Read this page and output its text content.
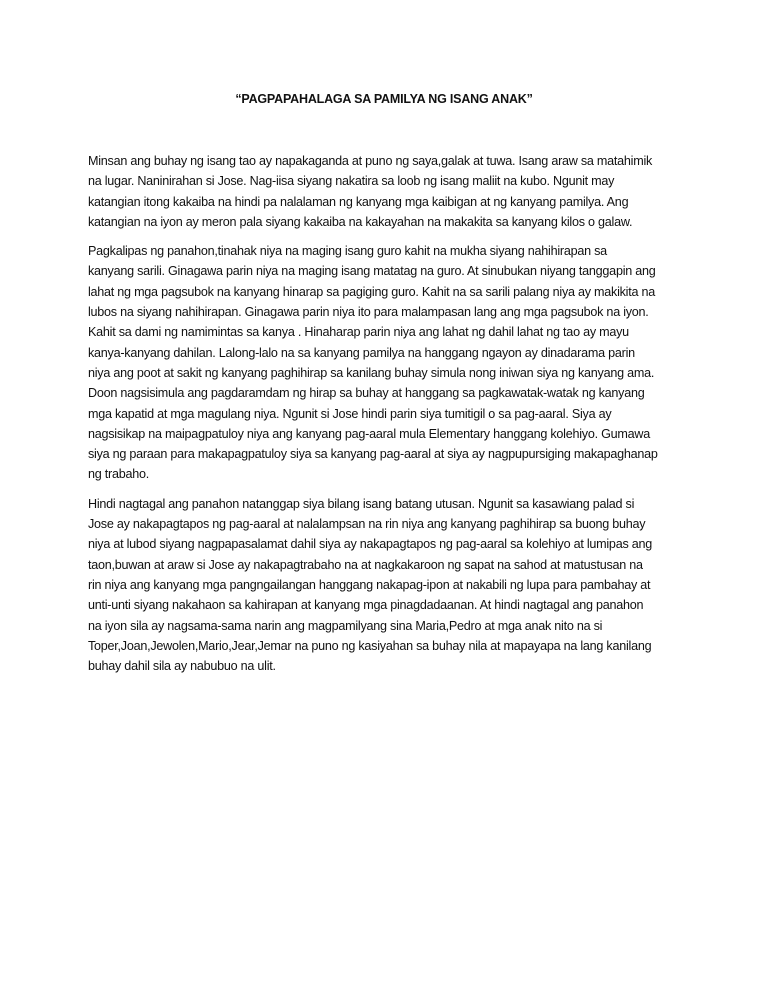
“PAGPAPAHALAGA SA PAMILYA NG ISANG ANAK”

Minsan ang buhay ng isang tao ay napakaganda at puno ng saya,galak at tuwa. Isang araw sa matahimik
na lugar. Naninirahan si Jose. Nag-iisa siyang nakatira sa loob ng isang maliit na kubo. Ngunit may
katangian itong kakaiba na hindi pa nalalaman ng kanyang mga kaibigan at ng kanyang pamilya. Ang
katangian na iyon ay meron pala siyang kakaiba na kakayahan na makakita sa kanyang kilos o galaw.

Pagkalipas ng panahon,tinahak niya na maging isang guro kahit na mukha siyang nahihirapan sa
kanyang sarili. Ginagawa parin niya na maging isang matatag na guro. At sinubukan niyang tanggapin ang
lahat ng mga pagsubok na kanyang hinarap sa pagiging guro. Kahit na sa sarili palang niya ay makikita na
lubos na siyang nahihirapan. Ginagawa parin niya ito para malampasan lang ang mga pagsubok na iyon.
Kahit sa dami ng namimintas sa kanya . Hinaharap parin niya ang lahat ng dahil lahat ng tao ay mayu
kanya-kanyang dahilan. Lalong-lalo na sa kanyang pamilya na hanggang ngayon ay dinadarama parin
niya ang poot at sakit ng kanyang paghihirap sa kanilang buhay simula nong iniwan siya ng kanyang ama.
Doon nagsisimula ang pagdaramdam ng hirap sa buhay at hanggang sa pagkawatak-watak ng kanyang
mga kapatid at mga magulang niya. Ngunit si Jose hindi parin siya tumitigil o sa pag-aaral. Siya ay
nagsisikap na maipagpatuloy niya ang kanyang pag-aaral mula Elementary hanggang kolehiyo. Gumawa
siya ng paraan para makapagpatuloy siya sa kanyang pag-aaral at siya ay nagpupursiging makapaghanap
ng trabaho.

Hindi nagtagal ang panahon natanggap siya bilang isang batang utusan. Ngunit sa kasawiang palad si
Jose ay nakapagtapos ng pag-aaral at nalalampsan na rin niya ang kanyang paghihirap sa buong buhay
niya at lubod siyang nagpapasalamat dahil siya ay nakapagtapos ng pag-aaral sa kolehiyo at lumipas ang
taon,buwan at araw si Jose ay nakapagtrabaho na at nagkakaroon ng sapat na sahod at matustusan na
rin niya ang kanyang mga pangngailangan hanggang nakapag-ipon at nakabili ng lupa para pambahay at
unti-unti siyang nakahaon sa kahirapan at kanyang mga pinagdadaanan. At hindi nagtagal ang panahon
na iyon sila ay nagsama-sama narin ang magpamilyang sina Maria,Pedro at mga anak nito na si
Toper,Joan,Jewolen,Mario,Jear,Jemar na puno ng kasiyahan sa buhay nila at mapayapa na lang kanilang
buhay dahil sila ay nabubuo na ulit.
